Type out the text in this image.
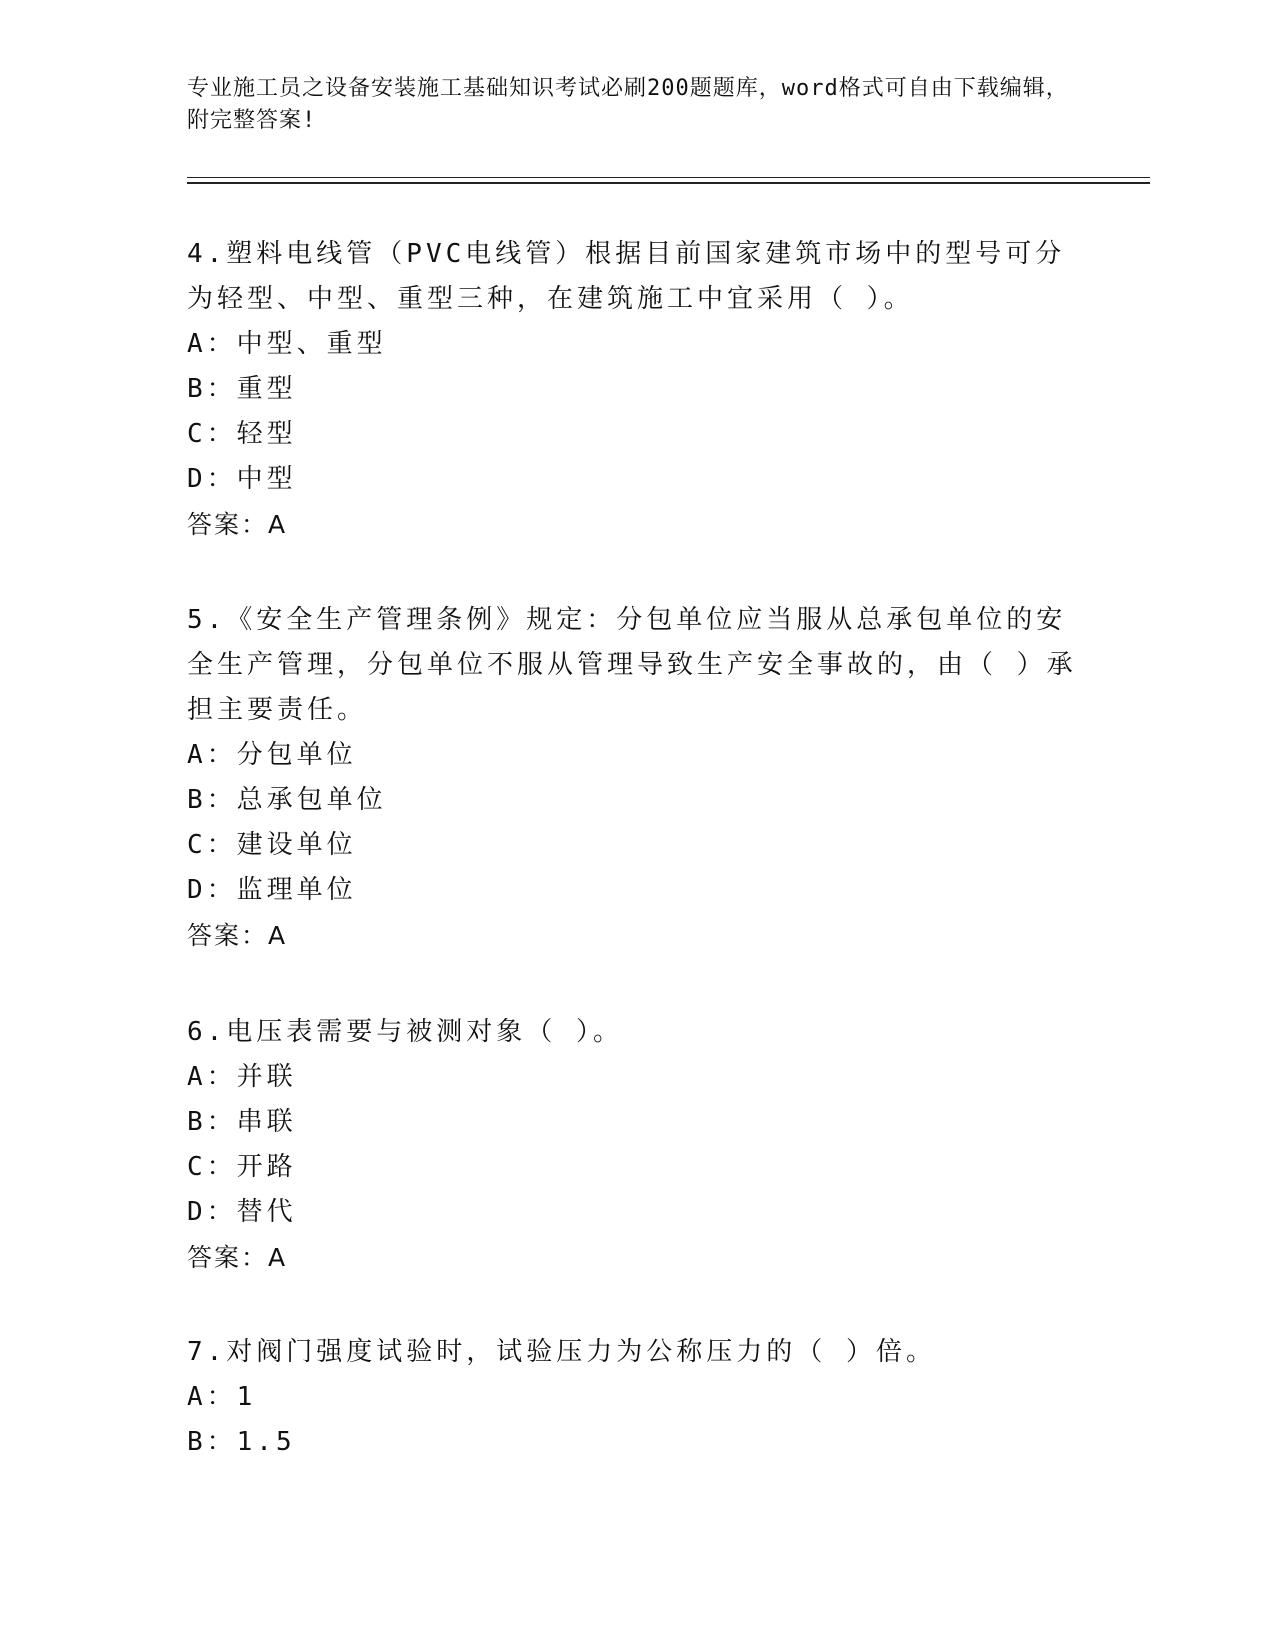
专业施工员之设备安装施工基础知识考试必刷200题题库，word格式可自由下载编辑，附完整答案!
4.塑料电线管（PVC电线管）根据目前国家建筑市场中的型号可分为轻型、中型、重型三种，在建筑施工中宜采用（ ）。
A：中型、重型
B：重型
C：轻型
D：中型
答案：A
5.《安全生产管理条例》规定：分包单位应当服从总承包单位的安全生产管理，分包单位不服从管理导致生产安全事故的，由（ ）承担主要责任。
A：分包单位
B：总承包单位
C：建设单位
D：监理单位
答案：A
6.电压表需要与被测对象（ ）。
A：并联
B：串联
C：开路
D：替代
答案：A
7.对阀门强度试验时，试验压力为公称压力的（ ）倍。
A：1
B：1.5
